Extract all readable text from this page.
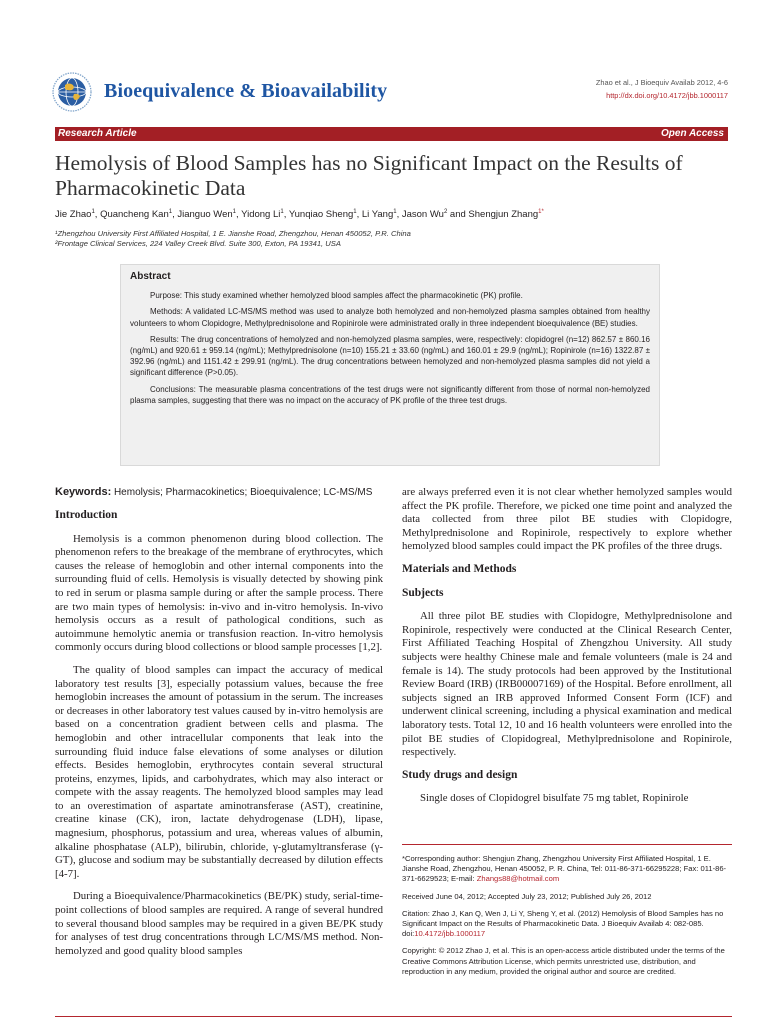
Bioequivalence & Bioavailability	Zhao et al., J Bioequiv Availab 2012, 4-6
http://dx.doi.org/10.4172/jbb.1000117
Research Article	Open Access
Hemolysis of Blood Samples has no Significant Impact on the Results of Pharmacokinetic Data
Jie Zhao$^1$, Quancheng Kan$^1$, Jianguo Wen$^1$, Yidong Li$^1$, Yunqiao Sheng$^1$, Li Yang$^1$, Jason Wu$^2$ and Shengjun Zhang$^{1*}$
¹Zhengzhou University First Affiliated Hospital, 1 E. Jianshe Road, Zhengzhou, Henan 450052, P.R. China
²Frontage Clinical Services, 224 Valley Creek Blvd. Suite 300, Exton, PA 19341, USA
Abstract

Purpose: This study examined whether hemolyzed blood samples affect the pharmacokinetic (PK) profile.

Methods: A validated LC-MS/MS method was used to analyze both hemolyzed and non-hemolyzed plasma samples obtained from healthy volunteers to whom Clopidogre, Methylprednisolone and Ropinirole were administrated orally in three independent bioequivalence (BE) studies.

Results: The drug concentrations of hemolyzed and non-hemolyzed plasma samples, were, respectively: clopidogrel (n=12) 862.57 ± 860.16 (ng/mL) and 920.61 ± 959.14 (ng/mL); Methylprednisolone (n=10) 155.21 ± 33.60 (ng/mL) and 160.01 ± 29.9 (ng/mL); Ropinirole (n=16) 1322.87 ± 392.96 (ng/mL) and 1151.42 ± 299.91 (ng/mL). The drug concentrations between hemolyzed and non-hemolyzed plasma samples did not yield a significant difference (P>0.05).

Conclusions: The measurable plasma concentrations of the test drugs were not significantly different from those of normal non-hemolyzed plasma samples, suggesting that there was no impact on the accuracy of PK profile of the three test drugs.

Keywords: Hemolysis; Pharmacokinetics; Bioequivalence; LC-MS/MS

Introduction

Hemolysis is a common phenomenon during blood collection. The phenomenon refers to the breakage of the membrane of erythrocytes, which causes the release of hemoglobin and other internal components into the surrounding fluid of cells. Hemolysis is visually detected by showing pink to red in serum or plasma sample during or after the sample process. There are two main types of hemolysis: in-vivo and in-vitro hemolysis. In-vivo hemolysis occurs as a result of pathological conditions, such as autoimmune hemolytic anemia or transfusion reaction. In-vitro hemolysis commonly occurs during blood collections or blood sample processes [1,2].

The quality of blood samples can impact the accuracy of medical laboratory test results [3], especially potassium values, because the free hemoglobin increases the amount of potassium in the serum. The increases or decreases in other laboratory test values caused by in-vitro hemolysis are based on a concentration gradient between cells and plasma. The hemoglobin and other intracellular components that leak into the surrounding fluid induce false elevations of some analyses or dilution effects. Besides hemoglobin, erythrocytes contain several structural proteins, enzymes, lipids, and carbohydrates, which may also interact or compete with the assay reagents. The hemolyzed blood samples may lead to an overestimation of aspartate aminotransferase (AST), creatinine, creatine kinase (CK), iron, lactate dehydrogenase (LDH), lipase, magnesium, phosphorus, potassium and urea, whereas values of albumin, alkaline phosphatase (ALP), bilirubin, chloride, γ-glutamyltransferase (γ-GT), glucose and sodium may be substantially decreased by dilution effects [4-7].

During a Bioequivalence/Pharmacokinetics (BE/PK) study, serial-time-point collections of blood samples are required. A range of several hundred to several thousand blood samples may be required in a given BE/PK study for analyses of test drug concentrations through LC/MS/MS method. Non-hemolyzed and good quality blood samples

are always preferred even it is not clear whether hemolyzed samples would affect the PK profile. Therefore, we picked one time point and analyzed the data collected from three pilot BE studies with Clopidogre, Methylprednisolone and Ropinirole, respectively to explore whether hemolyzed blood samples could impact the PK profiles of the three drugs.

Materials and Methods
Subjects

All three pilot BE studies with Clopidogre, Methylprednisolone and Ropinirole, respectively were conducted at the Clinical Research Center, First Affiliated Teaching Hospital of Zhengzhou University. All study subjects were healthy Chinese male and female volunteers (male is 24 and female is 14). The study protocols had been approved by the Institutional Review Board (IRB) (IRB00007169) of the Hospital. Before enrollment, all subjects signed an IRB approved Informed Consent Form (ICF) and underwent clinical screening, including a physical examination and medical laboratory tests. Total 12, 10 and 16 health volunteers were enrolled into the pilot BE studies of Clopidogreal, Methylprednisolone and Ropinirole, respectively.

Study drugs and design

Single doses of Clopidogrel bisulfate 75 mg tablet, Ropinirole

*Corresponding author: Shengjun Zhang, Zhengzhou University First Affiliated Hospital, 1 E. Jianshe Road, Zhengzhou, Henan 450052, P. R. China, Tel: 011-86-371-66295228; Fax: 011-86-371-6629523; E-mail: Zhangs88@hotmail.com
Received June 04, 2012; Accepted July 23, 2012; Published July 26, 2012
Citation: Zhao J, Kan Q, Wen J, Li Y, Sheng Y, et al. (2012) Hemolysis of Blood Samples has no Significant Impact on the Results of Pharmacokinetic Data. J Bioequiv Availab 4: 082-085. doi:10.4172/jbb.1000117
Copyright: © 2012 Zhao J, et al. This is an open-access article distributed under the terms of the Creative Commons Attribution License, which permits unrestricted use, distribution, and reproduction in any medium, provided the original author and source are credited.
